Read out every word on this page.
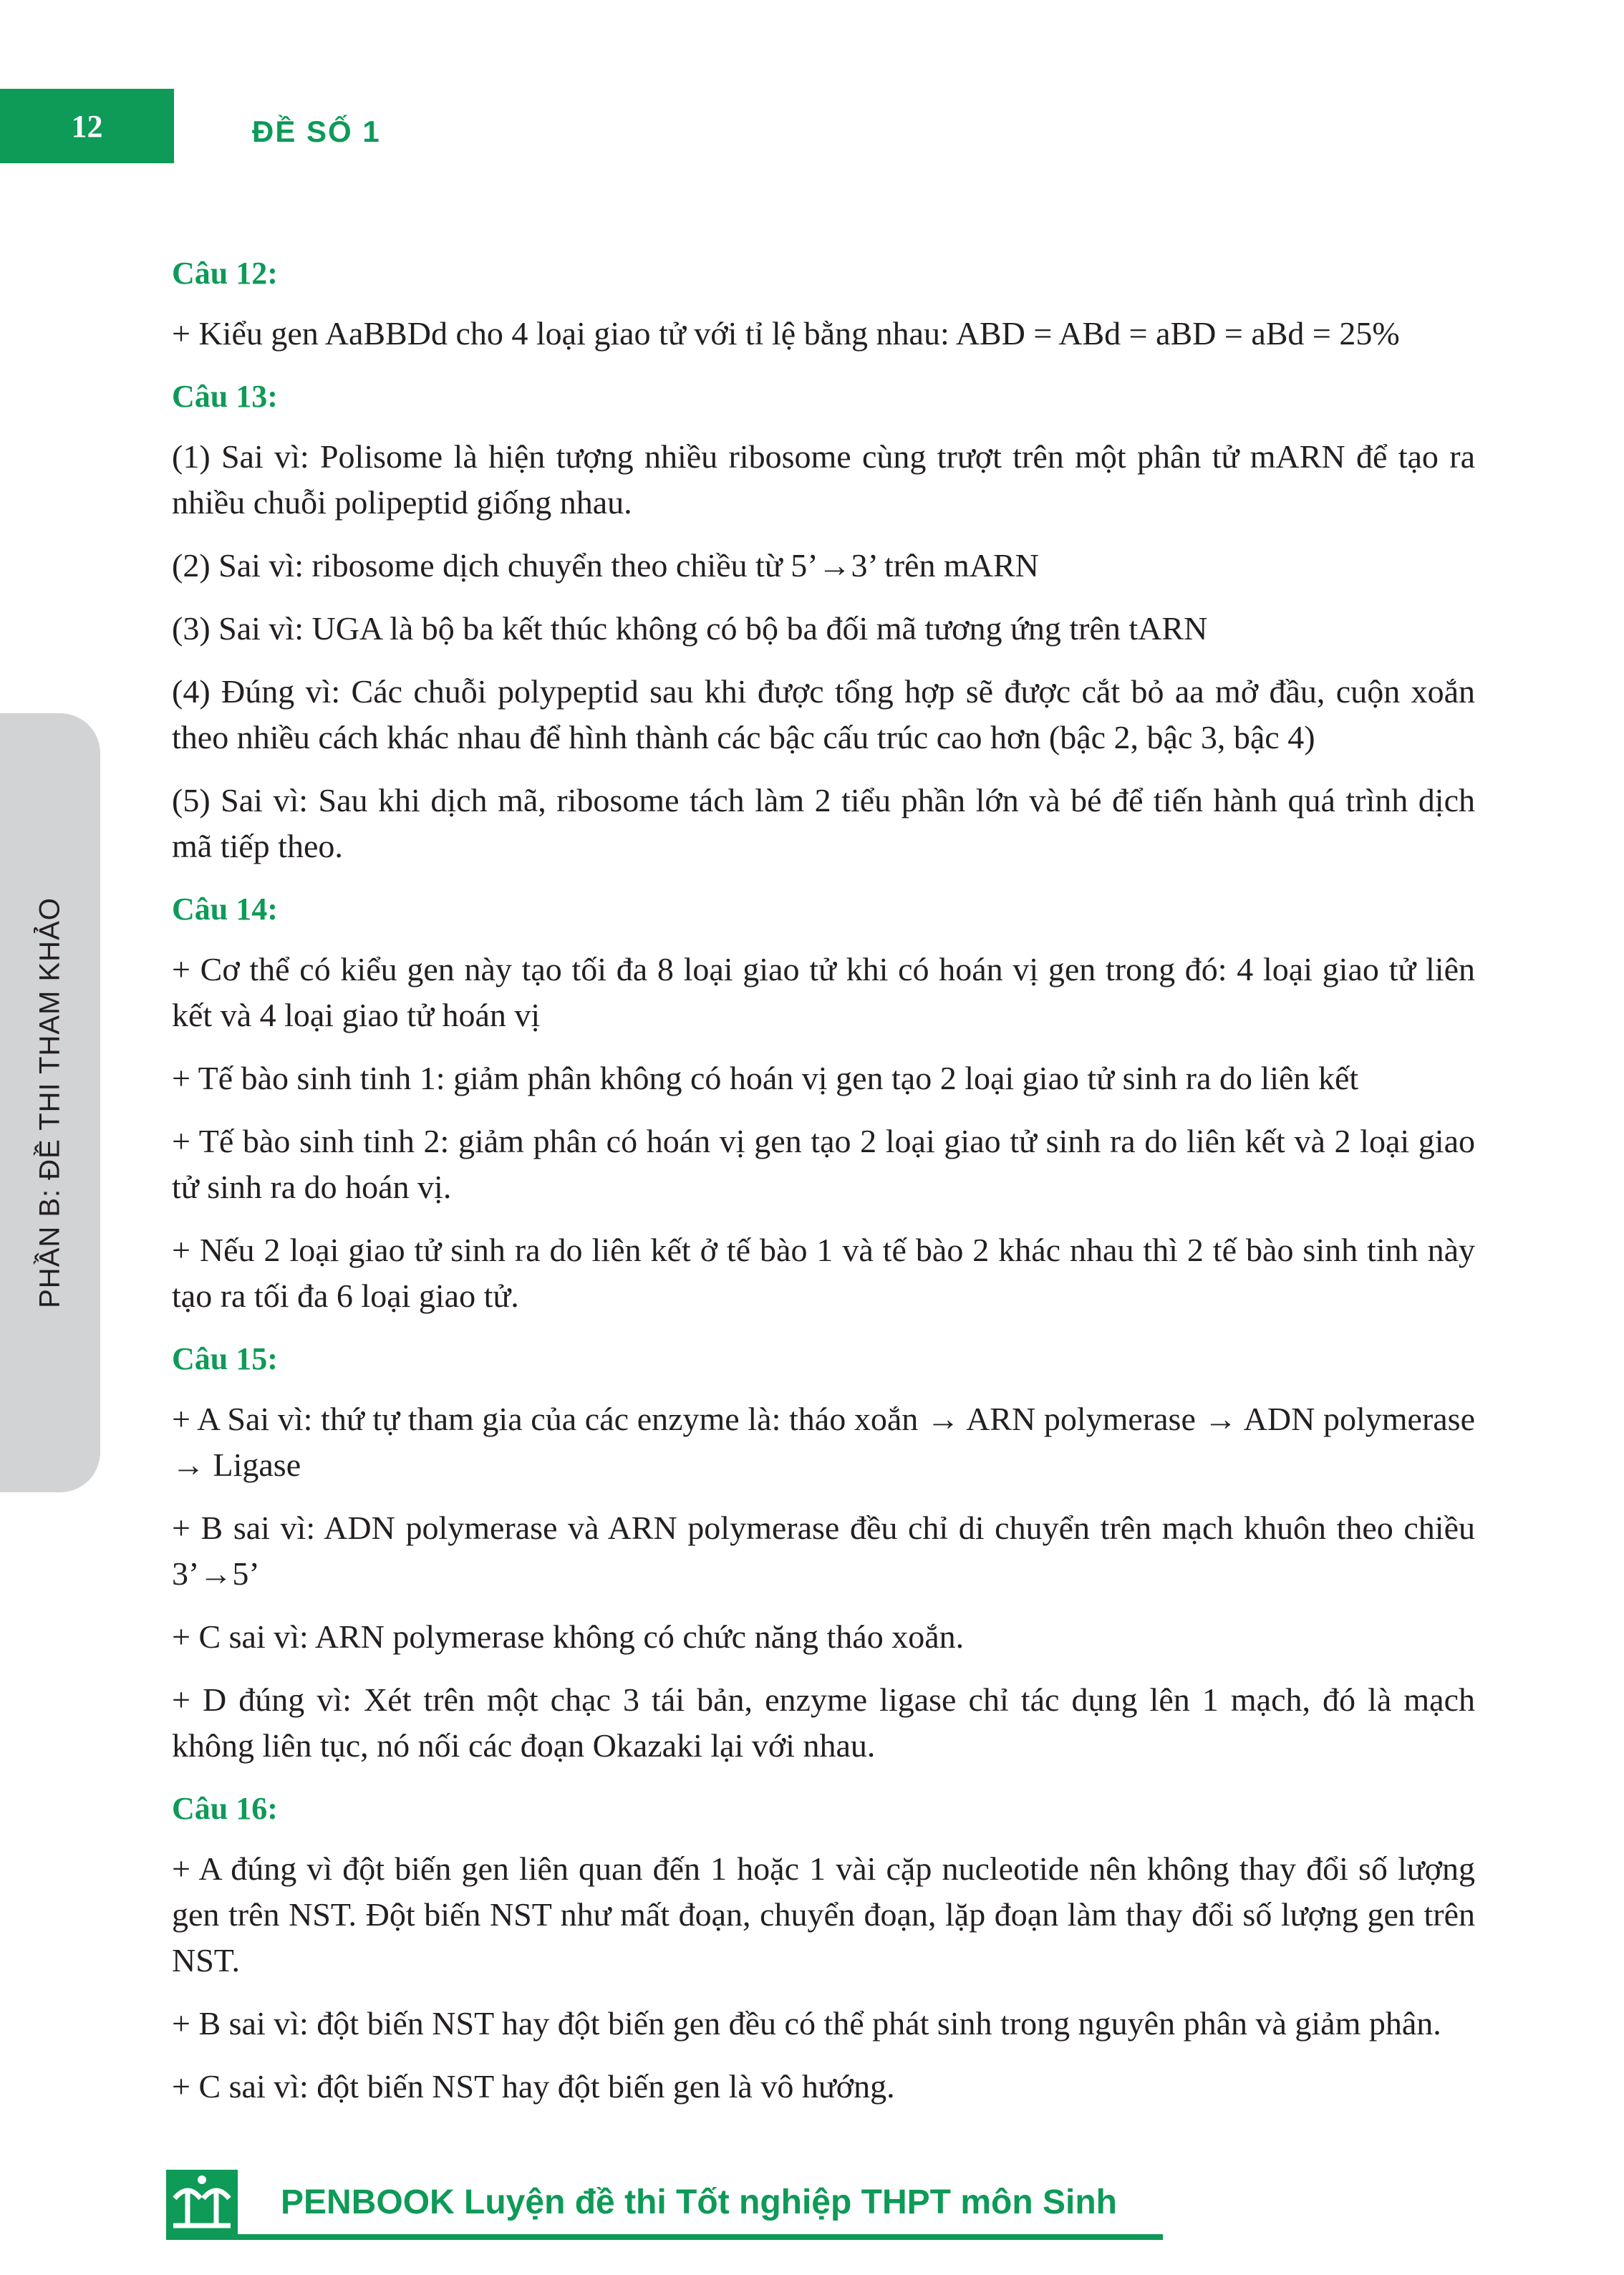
12	ĐỀ SỐ 1
PHẦN B: ĐỀ THI THAM KHẢO
Câu 12:

+ Kiểu gen AaBBDd cho 4 loại giao tử với tỉ lệ bằng nhau: ABD = ABd = aBD = aBd = 25%

Câu 13:

(1) Sai vì: Polisome là hiện tượng nhiều ribosome cùng trượt trên một phân tử mARN để tạo ra nhiều chuỗi polipeptid giống nhau.

(2) Sai vì: ribosome dịch chuyển theo chiều từ 5’→3’ trên mARN

(3) Sai vì: UGA là bộ ba kết thúc không có bộ ba đối mã tương ứng trên tARN

(4) Đúng vì: Các chuỗi polypeptid sau khi được tổng hợp sẽ được cắt bỏ aa mở đầu, cuộn xoắn theo nhiều cách khác nhau để hình thành các bậc cấu trúc cao hơn (bậc 2, bậc 3, bậc 4)

(5) Sai vì: Sau khi dịch mã, ribosome tách làm 2 tiểu phần lớn và bé để tiến hành quá trình dịch mã tiếp theo.

Câu 14:

+ Cơ thể có kiểu gen này tạo tối đa 8 loại giao tử khi có hoán vị gen trong đó: 4 loại giao tử liên kết và 4 loại giao tử hoán vị

+ Tế bào sinh tinh 1: giảm phân không có hoán vị gen tạo 2 loại giao tử sinh ra do liên kết

+ Tế bào sinh tinh 2: giảm phân có hoán vị gen tạo 2 loại giao tử sinh ra do liên kết và 2 loại giao tử sinh ra do hoán vị.

+ Nếu 2 loại giao tử sinh ra do liên kết ở tế bào 1 và tế bào 2 khác nhau thì 2 tế bào sinh tinh này tạo ra tối đa 6 loại giao tử.

Câu 15:

+ A Sai vì: thứ tự tham gia của các enzyme là: tháo xoắn → ARN polymerase → ADN polymerase → Ligase

+ B sai vì: ADN polymerase và ARN polymerase đều chỉ di chuyển trên mạch khuôn theo chiều 3’→5’

+ C sai vì: ARN polymerase không có chức năng tháo xoắn.

+ D đúng vì: Xét trên một chạc 3 tái bản, enzyme ligase chỉ tác dụng lên 1 mạch, đó là mạch không liên tục, nó nối các đoạn Okazaki lại với nhau.

Câu 16:

+ A đúng vì đột biến gen liên quan đến 1 hoặc 1 vài cặp nucleotide nên không thay đổi số lượng gen trên NST. Đột biến NST như mất đoạn, chuyển đoạn, lặp đoạn làm thay đổi số lượng gen trên NST.

+ B sai vì: đột biến NST hay đột biến gen đều có thể phát sinh trong nguyên phân và giảm phân.

+ C sai vì: đột biến NST hay đột biến gen là vô hướng.

PENBOOK Luyện đề thi Tốt nghiệp THPT môn Sinh
